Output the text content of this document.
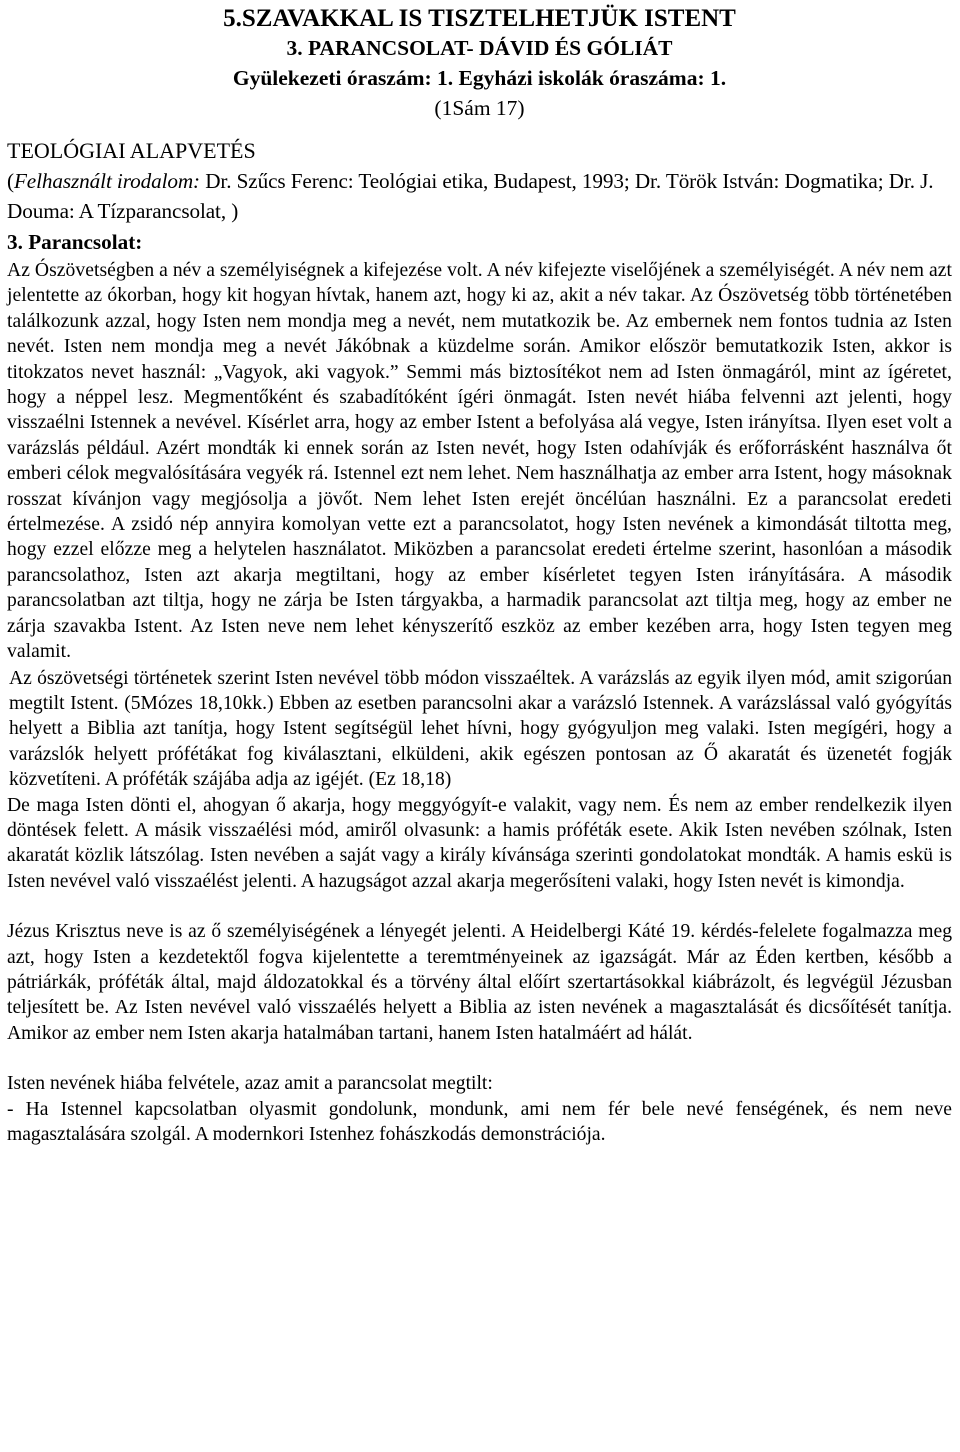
5.SZAVAKKAL IS TISZTELHETJÜK ISTENT
3. PARANCSOLAT- DÁVID ÉS GÓLIÁT
Gyülekezeti óraszám: 1. Egyházi iskolák óraszáma: 1.
(1Sám 17)
TEOLÓGIAI ALAPVETÉS
(Felhasznált irodalom: Dr. Szűcs Ferenc: Teológiai etika, Budapest, 1993; Dr. Török István: Dogmatika; Dr. J. Douma: A Tízparancsolat, )
3. Parancsolat:

Az Ószövetségben a név a személyiségnek a kifejezése volt. A név kifejezte viselőjének a személyiségét. A név nem azt jelentette az ókorban, hogy kit hogyan hívtak, hanem azt, hogy ki az, akit a név takar. Az Ószövetség több történetében találkozunk azzal, hogy Isten nem mondja meg a nevét, nem mutatkozik be. Az embernek nem fontos tudnia az Isten nevét. Isten nem mondja meg a nevét Jákóbnak a küzdelme során. Amikor először bemutatkozik Isten, akkor is titokzatos nevet használ: „Vagyok, aki vagyok.” Semmi más biztosítékot nem ad Isten önmagáról, mint az ígéretet, hogy a néppel lesz. Megmentőként és szabadítóként ígéri önmagát. Isten nevét hiába felvenni azt jelenti, hogy visszaélni Istennek a nevével. Kísérlet arra, hogy az ember Istent a befolyása alá vegye, Isten irányítsa. Ilyen eset volt a varázslás például. Azért mondták ki ennek során az Isten nevét, hogy Isten odahívják és erőforrásként használva őt emberi célok megvalósítására vegyék rá. Istennel ezt nem lehet. Nem használhatja az ember arra Istent, hogy másoknak rosszat kívánjon vagy megjósolja a jövőt. Nem lehet Isten erejét öncélúan használni. Ez a parancsolat eredeti értelmezése. A zsidó nép annyira komolyan vette ezt a parancsolatot, hogy Isten nevének a kimondását tiltotta meg, hogy ezzel előzze meg a helytelen használatot. Miközben a parancsolat eredeti értelme szerint, hasonlóan a második parancsolathoz, Isten azt akarja megtiltani, hogy az ember kísérletet tegyen Isten irányítására. A második parancsolatban azt tiltja, hogy ne zárja be Isten tárgyakba, a harmadik parancsolat azt tiltja meg, hogy az ember ne zárja szavakba Istent. Az Isten neve nem lehet kényszerítő eszköz az ember kezében arra, hogy Isten tegyen meg valamit.

Az ószövetségi történetek szerint Isten nevével több módon visszaéltek. A varázslás az egyik ilyen mód, amit szigorúan megtilt Istent. (5Mózes 18,10kk.) Ebben az esetben parancsolni akar a varázsló Istennek. A varázslással való gyógyítás helyett a Biblia azt tanítja, hogy Istent segítségül lehet hívni, hogy gyógyuljon meg valaki. Isten megígéri, hogy a varázslók helyett prófétákat fog kiválasztani, elküldeni, akik egészen pontosan az Ő akaratát és üzenetét fogják közvetíteni. A próféták szájába adja az igéjét. (Ez 18,18)

De maga Isten dönti el, ahogyan ő akarja, hogy meggyógyít-e valakit, vagy nem. És nem az ember rendelkezik ilyen döntések felett. A másik visszaélési mód, amiről olvasunk: a hamis próféták esete. Akik Isten nevében szólnak, Isten akaratát közlik látszólag. Isten nevében a saját vagy a király kívánsága szerinti gondolatokat mondták. A hamis eskü is Isten nevével való visszaélést jelenti. A hazugságot azzal akarja megerősíteni valaki, hogy Isten nevét is kimondja.

Jézus Krisztus neve is az ő személyiségének a lényegét jelenti. A Heidelbergi Káté 19. kérdés-felelete fogalmazza meg azt, hogy Isten a kezdetektől fogva kijelentette a teremtményeinek az igazságát. Már az Éden kertben, később a pátriárkák, próféták által, majd áldozatokkal és a törvény által előírt szertartásokkal kiábrázolt, és legvégül Jézusban teljesített be. Az Isten nevével való visszaélés helyett a Biblia az isten nevének a magasztalását és dicsőítését tanítja. Amikor az ember nem Isten akarja hatalmában tartani, hanem Isten hatalmáért ad hálát.

Isten nevének hiába felvétele, azaz amit a parancsolat megtilt:

- Ha Istennel kapcsolatban olyasmit gondolunk, mondunk, ami nem fér bele nevé fenségének, és nem neve magasztalására szolgál. A modernkori Istenhez fohászkodás demonstrációja.
